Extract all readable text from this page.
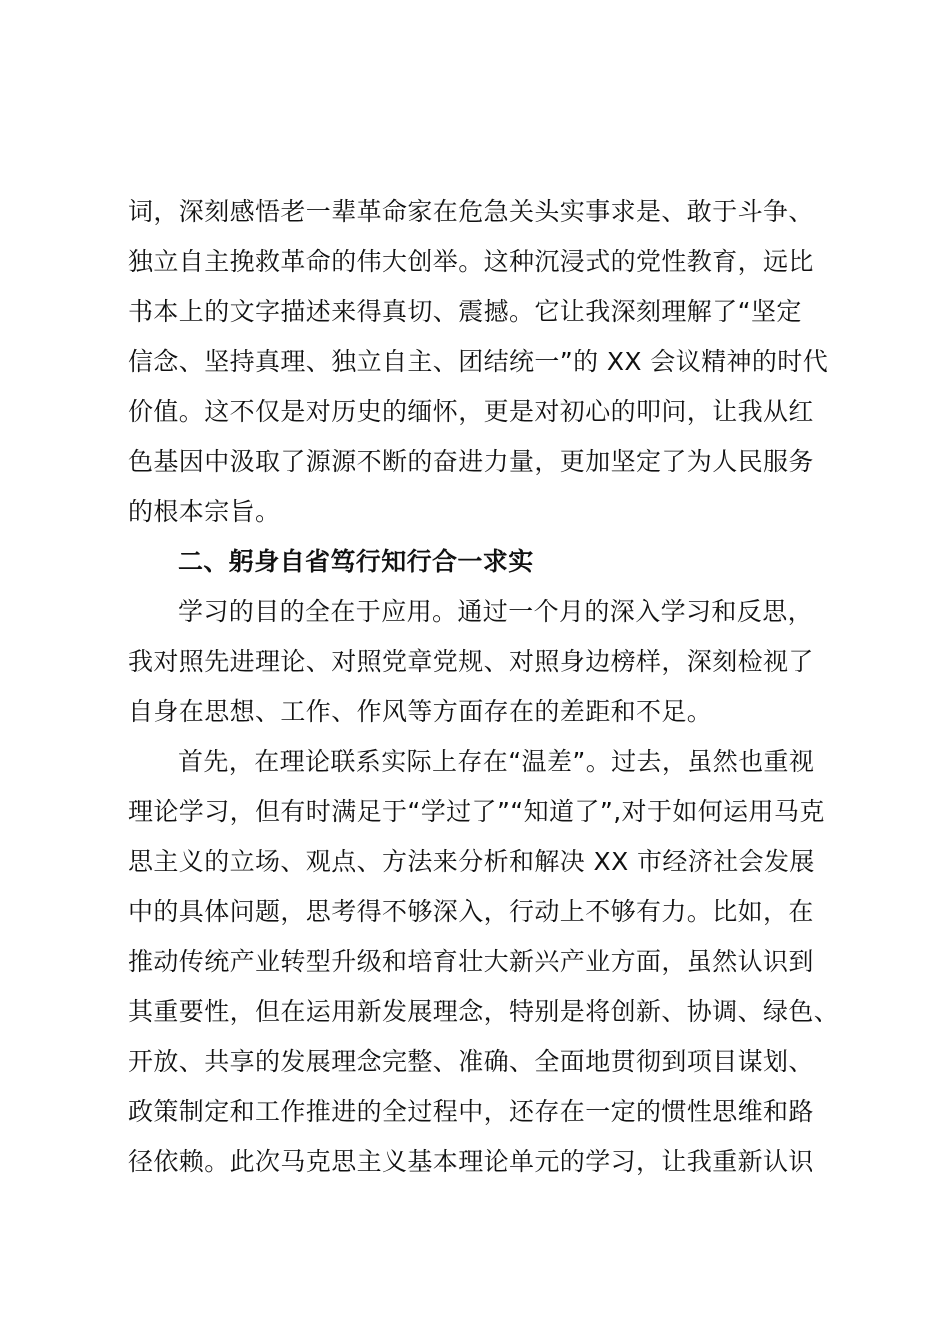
词，深刻感悟老一辈革命家在危急关头实事求是、敢于斗争、
独立自主挽救革命的伟大创举。这种沉浸式的党性教育，远比
书本上的文字描述来得真切、震撼。它让我深刻理解了“坚定
信念、坚持真理、独立自主、团结统一”的 XX 会议精神的时代
价值。这不仅是对历史的缅怀，更是对初心的叩问，让我从红
色基因中汲取了源源不断的奋进力量，更加坚定了为人民服务
的根本宗旨。
二、躬身自省笃行知行合一求实
学习的目的全在于应用。通过一个月的深入学习和反思，
我对照先进理论、对照党章党规、对照身边榜样，深刻检视了
自身在思想、工作、作风等方面存在的差距和不足。
首先，在理论联系实际上存在“温差”。过去，虽然也重视
理论学习，但有时满足于“学过了”“知道了”,对于如何运用马克
思主义的立场、观点、方法来分析和解决 XX 市经济社会发展
中的具体问题，思考得不够深入，行动上不够有力。比如，在
推动传统产业转型升级和培育壮大新兴产业方面，虽然认识到
其重要性，但在运用新发展理念，特别是将创新、协调、绿色、
开放、共享的发展理念完整、准确、全面地贯彻到项目谋划、
政策制定和工作推进的全过程中，还存在一定的惯性思维和路
径依赖。此次马克思主义基本理论单元的学习，让我重新认识
